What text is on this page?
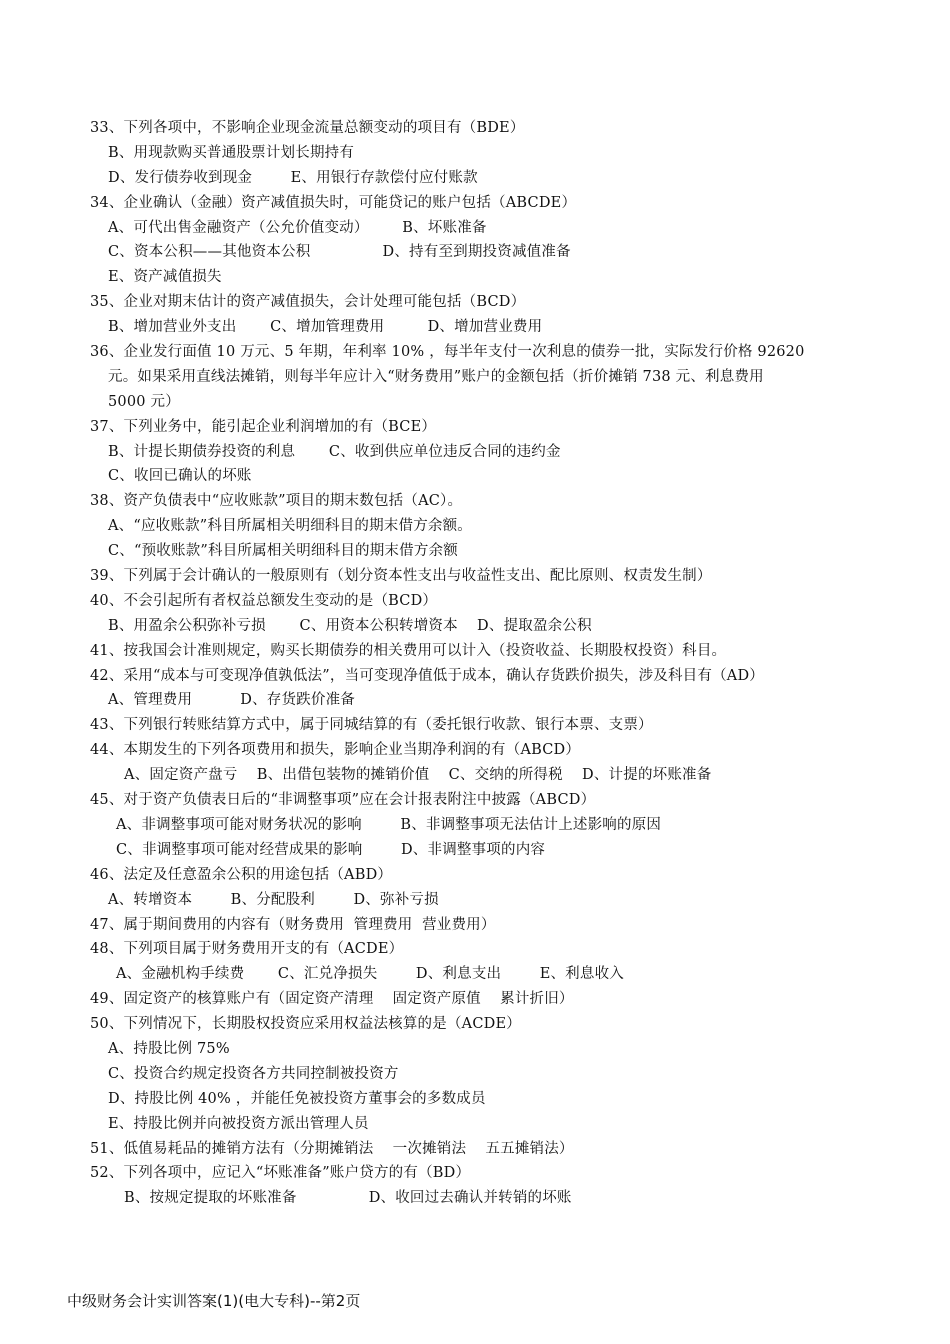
33、下列各项中，不影响企业现金流量总额变动的项目有（BDE）
B、用现款购买普通股票计划长期持有
D、发行债券收到现金        E、用银行存款偿付应付账款
34、企业确认（金融）资产减值损失时，可能贷记的账户包括（ABCDE）
A、可代出售金融资产（公允价值变动）       B、坏账准备
C、资本公积——其他资本公积               D、持有至到期投资减值准备
E、资产减值损失
35、企业对期末估计的资产减值损失，会计处理可能包括（BCD）
B、增加营业外支出       C、增加管理费用         D、增加营业费用
36、企业发行面值 10 万元、5 年期，年利率 10% ，每半年支付一次利息的债券一批，实际发行价格 92620
元。如果采用直线法摊销，则每半年应计入“财务费用”账户的金额包括（折价摊销 738 元、利息费用
5000 元）
37、下列业务中，能引起企业利润增加的有（BCE）
B、计提长期债券投资的利息       C、收到供应单位违反合同的违约金
C、收回已确认的坏账
38、资产负债表中“应收账款”项目的期末数包括（AC）。
A、“应收账款”科目所属相关明细科目的期末借方余额。
C、“预收账款”科目所属相关明细科目的期末借方余额
39、下列属于会计确认的一般原则有（划分资本性支出与收益性支出、配比原则、权责发生制）
40、不会引起所有者权益总额发生变动的是（BCD）
B、用盈余公积弥补亏损       C、用资本公积转增资本    D、提取盈余公积
41、按我国会计准则规定，购买长期债券的相关费用可以计入（投资收益、长期股权投资）科目。
42、采用“成本与可变现净值孰低法”，当可变现净值低于成本，确认存货跌价损失，涉及科目有（AD）
A、管理费用          D、存货跌价准备
43、下列银行转账结算方式中，属于同城结算的有（委托银行收款、银行本票、支票）
44、本期发生的下列各项费用和损失，影响企业当期净利润的有（ABCD）
A、固定资产盘亏    B、出借包装物的摊销价值    C、交纳的所得税    D、计提的坏账准备
45、对于资产负债表日后的“非调整事项”应在会计报表附注中披露（ABCD）
A、非调整事项可能对财务状况的影响        B、非调整事项无法估计上述影响的原因
C、非调整事项可能对经营成果的影响        D、非调整事项的内容
46、法定及任意盈余公积的用途包括（ABD）
A、转增资本        B、分配股利        D、弥补亏损
47、属于期间费用的内容有（财务费用  管理费用  营业费用）
48、下列项目属于财务费用开支的有（ACDE）
A、金融机构手续费       C、汇兑净损失        D、利息支出        E、利息收入
49、固定资产的核算账户有（固定资产清理    固定资产原值    累计折旧）
50、下列情况下，长期股权投资应采用权益法核算的是（ACDE）
A、持股比例 75%
C、投资合约规定投资各方共同控制被投资方
D、持股比例 40% ，并能任免被投资方董事会的多数成员
E、持股比例并向被投资方派出管理人员
51、低值易耗品的摊销方法有（分期摊销法    一次摊销法    五五摊销法）
52、下列各项中，应记入“坏账准备”账户贷方的有（BD）
B、按规定提取的坏账准备               D、收回过去确认并转销的坏账
中级财务会计实训答案(1)(电大专科)--第2页
